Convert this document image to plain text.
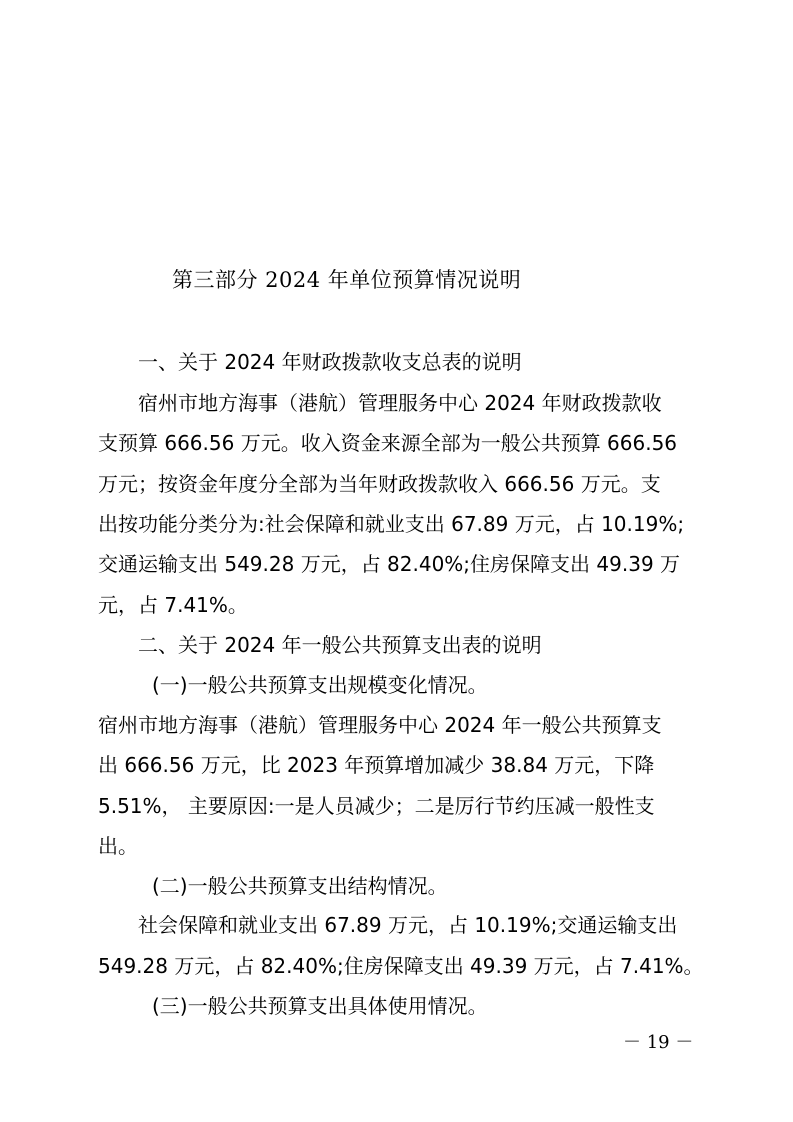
第三部分 2024 年单位预算情况说明
一、关于 2024 年财政拨款收支总表的说明
宿州市地方海事（港航）管理服务中心 2024 年财政拨款收
支预算 666.56 万元。收入资金来源全部为一般公共预算 666.56
万元；按资金年度分全部为当年财政拨款收入 666.56 万元。支
出按功能分类分为:社会保障和就业支出 67.89 万元，占 10.19%;
交通运输支出 549.28 万元，占 82.40%;住房保障支出 49.39 万
元，占 7.41%。
二、关于 2024 年一般公共预算支出表的说明
(一)一般公共预算支出规模变化情况。
宿州市地方海事（港航）管理服务中心 2024 年一般公共预算支
出 666.56 万元，比 2023 年预算增加减少 38.84 万元，下降
5.51%， 主要原因:一是人员减少；二是厉行节约压减一般性支
出。
(二)一般公共预算支出结构情况。
社会保障和就业支出 67.89 万元，占 10.19%;交通运输支出
549.28 万元，占 82.40%;住房保障支出 49.39 万元，占 7.41%。
(三)一般公共预算支出具体使用情况。
－ 19 －
